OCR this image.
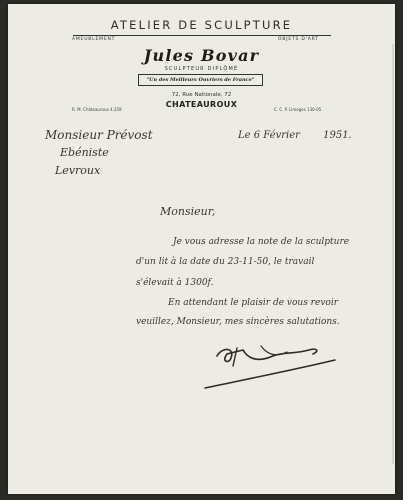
ATELIER DE SCULPTURE
AMEUBLEMENT	OBJETS D'ART
Jules Bovar
SCULPTEUR DIPLÔMÉ
"Un des Meilleurs Ouvriers de France"
72, Rue Nationale, 72
CHATEAUROUX
R. M. Châteauroux 4.259	C. C. P. Limoges 130-05
Le 6 Février 1951.
Monsieur Prévost
Ebéniste
Levroux
Monsieur,
Je vous adresse la note de la sculpture
d'un lit à la date du 23-11-50, le travail
s'élevait à 1300f.
En attendant le plaisir de vous revoir
veuillez, Monsieur, mes sincères salutations.
